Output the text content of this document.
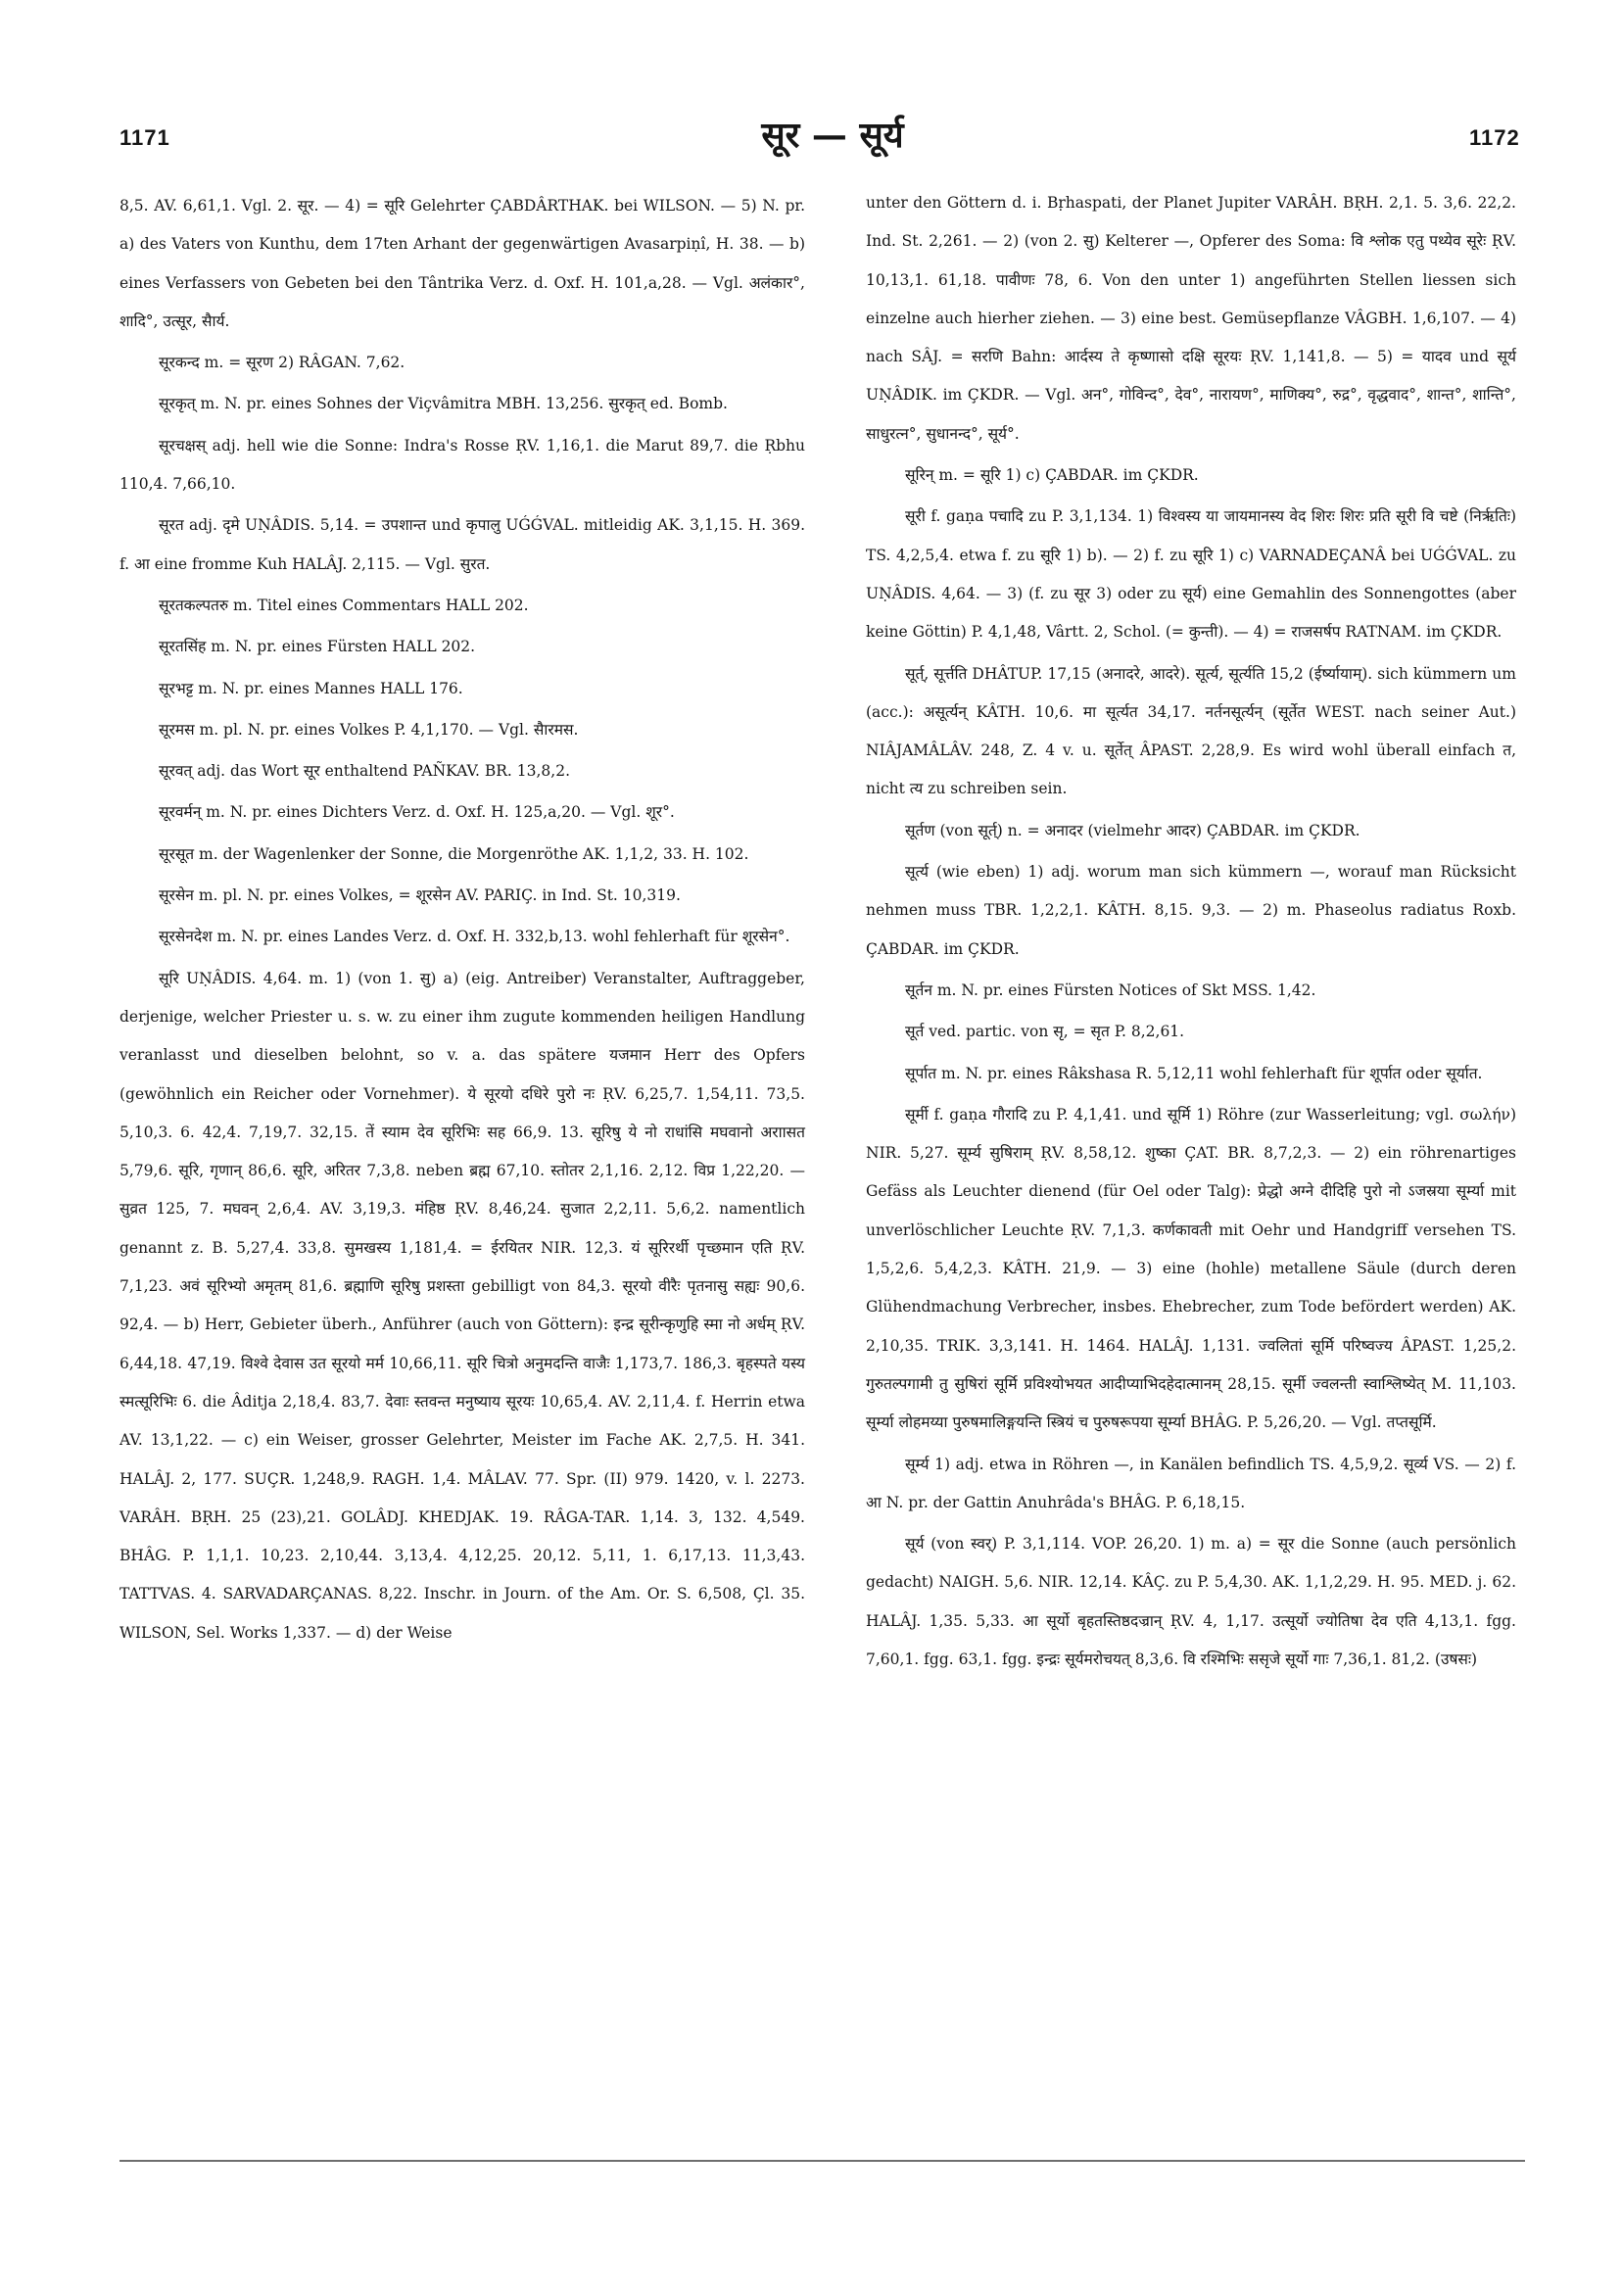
1171	सूर — सूर्य	1172

8,5. AV. 6,61,1. Vgl. 2. सूर. — 4) = सूरि Gelehrter ÇABDÂRTHAK. bei WILSON. — 5) N. pr. a) des Vaters von Kunthu, dem 17ten Arhant der gegenwärtigen Avasarpiṇî, H. 38. — b) eines Verfassers von Gebeten bei den Tântrika Verz. d. Oxf. H. 101,a,28. — Vgl. अलंकार°, शादि°, उत्सूर, सैार्य.

सूरकन्द m. = सूरण 2) RÂGAN. 7,62.

सूरकृत् m. N. pr. eines Sohnes der Viçvâmitra MBH. 13,256. सुरकृत् ed. Bomb.

सूरचक्षस् adj. hell wie die Sonne: Indra's Rosse ṚV. 1,16,1. die Marut 89,7. die Ṛbhu 110,4. 7,66,10.

सूरत adj. दृमे UṆÂDIS. 5,14. = उपशान्त und कृपालु UǴǴVAL. mitleidig AK. 3,1,15. H. 369. f. आ eine fromme Kuh HALÂJ. 2,115. — Vgl. सुरत.

सूरतकल्पतरु m. Titel eines Commentars HALL 202.

सूरतसिंह m. N. pr. eines Fürsten HALL 202.

सूरभट्ट m. N. pr. eines Mannes HALL 176.

सूरमस m. pl. N. pr. eines Volkes P. 4,1,170. — Vgl. सैारमस.

सूरवत् adj. das Wort सूर enthaltend PAÑKAV. BR. 13,8,2.

सूरवर्मन् m. N. pr. eines Dichters Verz. d. Oxf. H. 125,a,20. — Vgl. शूर°.

सूरसूत m. der Wagenlenker der Sonne, die Morgenröthe AK. 1,1,2, 33. H. 102.

सूरसेन m. pl. N. pr. eines Volkes, = शूरसेन AV. PARIÇ. in Ind. St. 10,319.

सूरसेनदेश m. N. pr. eines Landes Verz. d. Oxf. H. 332,b,13. wohl fehlerhaft für शूरसेन°.

सूरि UṆÂDIS. 4,64. m. 1) (von 1. सु) a) (eig. Antreiber) Veranstalter, Auftraggeber, derjenige, welcher Priester u. s. w. zu einer ihm zugute kommenden heiligen Handlung veranlasst und dieselben belohnt, so v. a. das spätere यजमान Herr des Opfers (gewöhnlich ein Reicher oder Vornehmer). ये सूरयो दधिरे पुरो नः ṚV. 6,25,7. 1,54,11. 73,5. 5,10,3. 6. 42,4. 7,19,7. 32,15. तें स्याम देव सूरिभिः सह 66,9. 13. सूरिषु ये नो राधांसि मघवानो अराासत 5,79,6. सूरि, गृणान् 86,6. सूरि, अरितर 7,3,8. neben ब्रह्म 67,10. स्तोतर 2,1,16. 2,12. विप्र 1,22,20. — सुव्रत 125, 7. मघवन् 2,6,4. AV. 3,19,3. मंहिष्ठ ṚV. 8,46,24. सुजात 2,2,11. 5,6,2. namentlich genannt z. B. 5,27,4. 33,8. सुमखस्य 1,181,4. = ईरयितर NIR. 12,3. यं सूरिरर्थी पृच्छमान एति ṚV. 7,1,23. अवं सूरिभ्यो अमृतम् 81,6. ब्रह्माणि सूरिषु प्रशस्ता gebilligt von 84,3. सूरयो वीरैः पृतनासु सह्यः 90,6. 92,4. — b) Herr, Gebieter überh., Anführer (auch von Göttern): इन्द्र सूरीन्कृणुहि स्मा नो अर्धम् ṚV. 6,44,18. 47,19. विश्वे देवास उत सूरयो मर्म 10,66,11. सूरि चित्रो अनुमदन्ति वाजैः 1,173,7. 186,3. बृहस्पते यस्य स्मत्सूरिभिः 6. die Âditja 2,18,4. 83,7. देवाः स्तवन्त मनुष्याय सूरयः 10,65,4. AV. 2,11,4. f. Herrin etwa AV. 13,1,22. — c) ein Weiser, grosser Gelehrter, Meister im Fache AK. 2,7,5. H. 341. HALÂJ. 2, 177. SUÇR. 1,248,9. RAGH. 1,4. MÂLAV. 77. Spr. (II) 979. 1420, v. l. 2273. VARÂH. BṚH. 25 (23),21. GOLÂDJ. KHEDJAK. 19. RÂGA-TAR. 1,14. 3, 132. 4,549. BHÂG. P. 1,1,1. 10,23. 2,10,44. 3,13,4. 4,12,25. 20,12. 5,11, 1. 6,17,13. 11,3,43. TATTVAS. 4. SARVADARÇANAS. 8,22. Inschr. in Journ. of the Am. Or. S. 6,508, Çl. 35. WILSON, Sel. Works 1,337. — d) der Weise

unter den Göttern d. i. Bṛhaspati, der Planet Jupiter VARÂH. BṚH. 2,1. 5. 3,6. 22,2. Ind. St. 2,261. — 2) (von 2. सु) Kelterer —, Opferer des Soma: वि श्लोक एतु पथ्येव सूरेः ṚV. 10,13,1. 61,18. पावीणः 78, 6. Von den unter 1) angeführten Stellen liessen sich einzelne auch hierher ziehen. — 3) eine best. Gemüsepflanze VÂGBH. 1,6,107. — 4) nach SÂJ. = सरणि Bahn: आर्दस्य ते कृष्णासो दक्षि सूरयः ṚV. 1,141,8. — 5) = यादव und सूर्य UṆÂDIK. im ÇKDR. — Vgl. अन°, गोविन्द°, देव°, नारायण°, माणिक्य°, रुद्र°, वृद्धवाद°, शान्त°, शान्ति°, साधुरत्न°, सुधानन्द°, सूर्य°.

सूरिन् m. = सूरि 1) c) ÇABDAR. im ÇKDR.

सूरी f. gaṇa पचादि zu P. 3,1,134. 1) विश्वस्य या जायमानस्य वेद शिरः शिरः प्रति सूरी वि चष्टे (निरृतिः) TS. 4,2,5,4. etwa f. zu सूरि 1) b). — 2) f. zu सूरि 1) c) VARNADEÇANÂ bei UǴǴVAL. zu UṆÂDIS. 4,64. — 3) (f. zu सूर 3) oder zu सूर्य) eine Gemahlin des Sonnengottes (aber keine Göttin) P. 4,1,48, Vârtt. 2, Schol. (= कुन्ती). — 4) = राजसर्षप RATNAM. im ÇKDR.

सूर्त्, सूर्त्तति DHÂTUP. 17,15 (अनादरे, आदरे). सूर्त्य, सूर्त्यति 15,2 (ईर्ष्यायाम्). sich kümmern um (acc.): असूर्त्यन् KÂTH. 10,6. मा सूर्त्यत 34,17. नर्तनसूर्त्यन् (सूर्तेत WEST. nach seiner Aut.) NIÂJAMÂLÂV. 248, Z. 4 v. u. सूर्तेत् ÂPAST. 2,28,9. Es wird wohl überall einfach त, nicht त्य zu schreiben sein.

सूर्तण (von सूर्त्) n. = अनादर (vielmehr आदर) ÇABDAR. im ÇKDR.

सूर्त्य (wie eben) 1) adj. worum man sich kümmern —, worauf man Rücksicht nehmen muss TBR. 1,2,2,1. KÂTH. 8,15. 9,3. — 2) m. Phaseolus radiatus Roxb. ÇABDAR. im ÇKDR.

सूर्तन m. N. pr. eines Fürsten Notices of Skt MSS. 1,42.

सूर्त ved. partic. von सृ, = सृत P. 8,2,61.

सूर्पात m. N. pr. eines Râkshasa R. 5,12,11 wohl fehlerhaft für शूर्पात oder सूर्यात.

सूर्मी f. gaṇa गौरादि zu P. 4,1,41. und सूर्मि 1) Röhre (zur Wasserleitung; vgl. σωλήν) NIR. 5,27. सूर्म्य सुषिराम् ṚV. 8,58,12. शुष्का ÇAT. BR. 8,7,2,3. — 2) ein röhrenartiges Gefäss als Leuchter dienend (für Oel oder Talg): प्रेद्धो अग्ने दीदिहि पुरो नो ऽजस्रया सूर्म्या mit unverlöschlicher Leuchte ṚV. 7,1,3. कर्णकावती mit Oehr und Handgriff versehen TS. 1,5,2,6. 5,4,2,3. KÂTH. 21,9. — 3) eine (hohle) metallene Säule (durch deren Glühendmachung Verbrecher, insbes. Ehebrecher, zum Tode befördert werden) AK. 2,10,35. TRIK. 3,3,141. H. 1464. HALÂJ. 1,131. ज्वलितां सूर्मि परिष्वज्य ÂPAST. 1,25,2. गुरुतल्पगामी तु सुषिरां सूर्मि प्रविश्योभयत आदीप्याभिदहेदात्मानम् 28,15. सूर्मी ज्वलन्ती स्वाश्लिष्येत् M. 11,103. सूर्म्या लोहमय्या पुरुषमालिङ्गयन्ति स्त्रियं च पुरुषरूपया सूर्म्या BHÂG. P. 5,26,20. — Vgl. तप्तसूर्मि.

सूर्म्य 1) adj. etwa in Röhren —, in Kanälen befindlich TS. 4,5,9,2. सूर्व्य VS. — 2) f. आ N. pr. der Gattin Anuhrâda's BHÂG. P. 6,18,15.

सूर्य (von स्वर्) P. 3,1,114. VOP. 26,20. 1) m. a) = सूर die Sonne (auch persönlich gedacht) NAIGH. 5,6. NIR. 12,14. KÂÇ. zu P. 5,4,30. AK. 1,1,2,29. H. 95. MED. j. 62. HALÂJ. 1,35. 5,33. आ सूर्यो बृहतस्तिष्ठदज्रान् ṚV. 4, 1,17. उत्सूर्यो ज्योतिषा देव एति 4,13,1. fgg. 7,60,1. fgg. 63,1. fgg. इन्द्रः सूर्यमरोचयत् 8,3,6. वि रश्मिभिः ससृजे सूर्यो गाः 7,36,1. 81,2. (उषसः)
